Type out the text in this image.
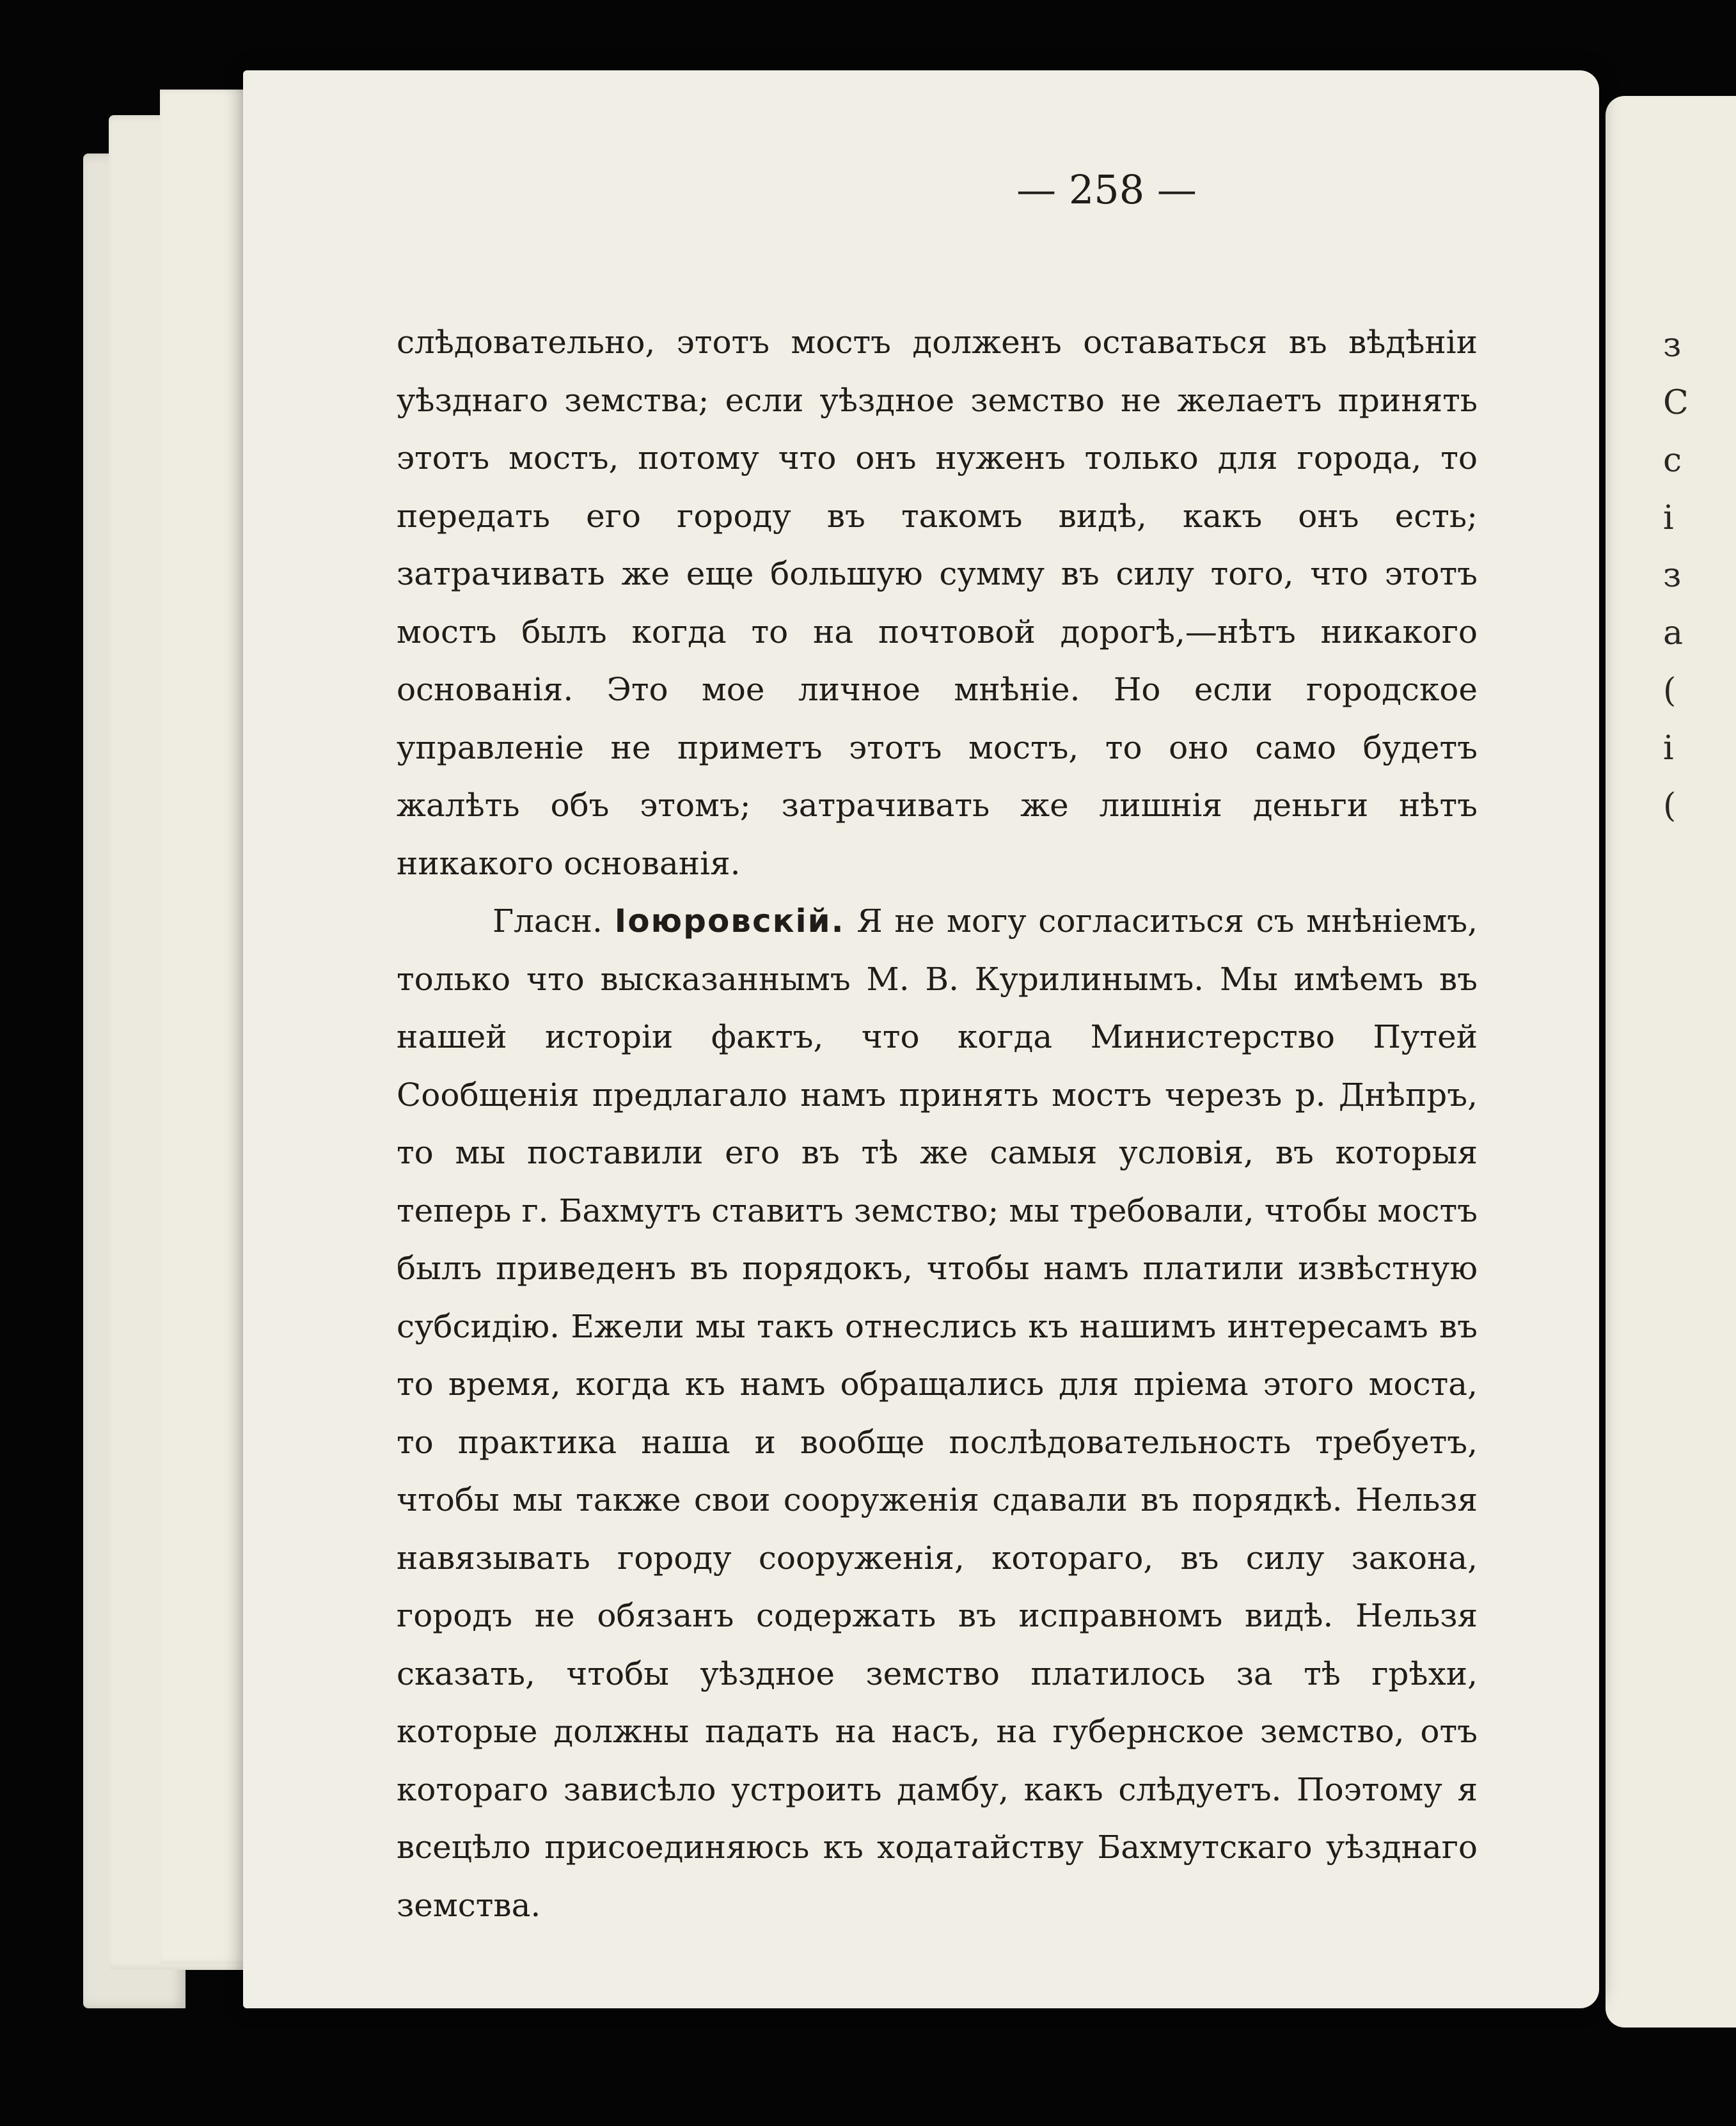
з
С
с
і
з
а
(
і
(
— 258 —

слѣдовательно, этотъ мостъ долженъ оставаться въ вѣдѣніи уѣзднаго земства; если уѣздное земство не желаетъ принять этотъ мостъ, потому что онъ нуженъ только для города, то передать его городу въ такомъ видѣ, какъ онъ есть; затрачивать же еще большую сумму въ силу того, что этотъ мостъ былъ когда то на почтовой дорогѣ,—нѣтъ никакого основанія. Это мое личное мнѣніе. Но если городское управленіе не приметъ этотъ мостъ, то оно само будетъ жалѣть объ этомъ; затрачивать же лишнія деньги нѣтъ никакого основанія.

Гласн. Іоюровскій. Я не могу согласиться съ мнѣніемъ, только что высказаннымъ М. В. Курилинымъ. Мы имѣемъ въ нашей исторіи фактъ, что когда Министерство Путей Сообщенія предлагало намъ принять мостъ черезъ р. Днѣпръ, то мы поставили его въ тѣ же самыя условія, въ которыя теперь г. Бахмутъ ставитъ земство; мы требовали, чтобы мостъ былъ приведенъ въ порядокъ, чтобы намъ платили извѣстную субсидію. Ежели мы такъ отнеслись къ нашимъ интересамъ въ то время, когда къ намъ обращались для пріема этого моста, то практика наша и вообще послѣдовательность требуетъ, чтобы мы также свои сооруженія сдавали въ порядкѣ. Нельзя навязывать городу сооруженія, котораго, въ силу закона, городъ не обязанъ содержать въ исправномъ видѣ. Нельзя сказать, чтобы уѣздное земство платилось за тѣ грѣхи, которые должны падать на насъ, на губернское земство, отъ котораго зависѣло устроить дамбу, какъ слѣдуетъ. Поэтому я всецѣло присоединяюсь къ ходатайству Бахмутскаго уѣзднаго земства.
